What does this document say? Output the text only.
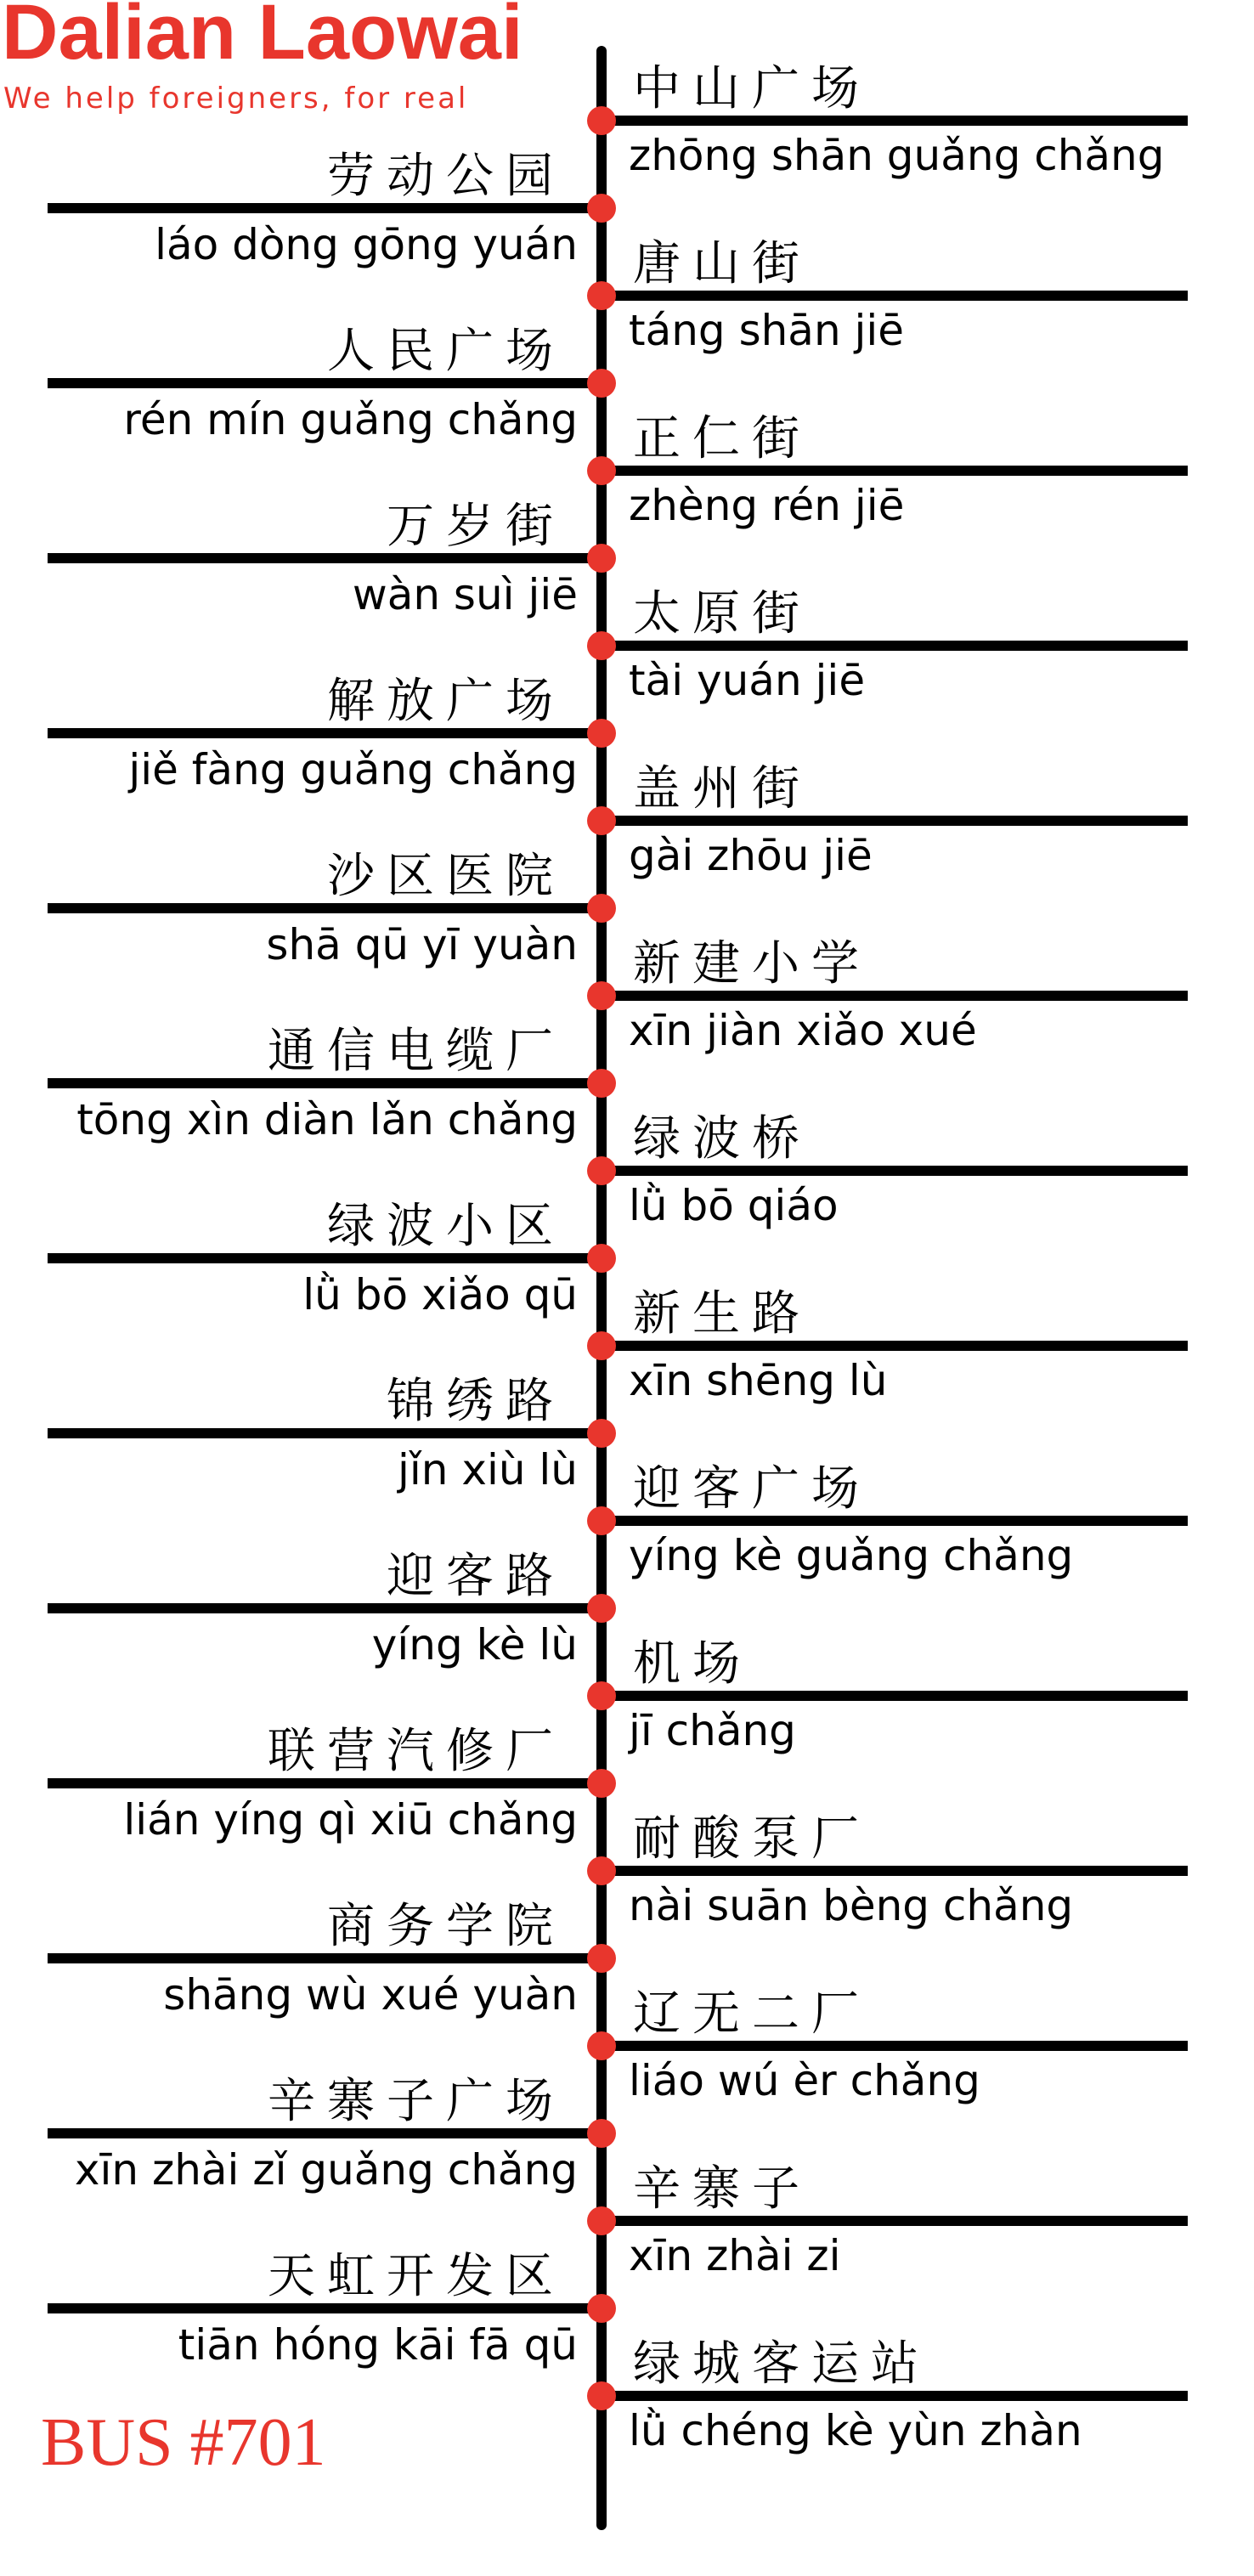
Dalian Laowai
We help foreigners, for real
BUS #701
中山广场
zhōng shān guǎng chǎng
劳动公园
láo dòng gōng yuán 唐山街
táng shān jiē
人民广场
rén mín guǎng chǎng 正仁街
zhèng rén jiē
万岁街
wàn suì jiē 太原街
tài yuán jiē
解放广场
jiě fàng guǎng chǎng 盖州街
gài zhōu jiē
沙区医院
shā qū yī yuàn 新建小学
xīn jiàn xiǎo xué
通信电缆厂
tōng xìn diàn lǎn chǎng 绿波桥
lǜ bō qiáo
绿波小区
lǜ bō xiǎo qū 新生路
xīn shēng lù
锦绣路
jǐn xiù lù 迎客广场
yíng kè guǎng chǎng
迎客路
yíng kè lù 机场
jī chǎng
联营汽修厂
lián yíng qì xiū chǎng 耐酸泵厂
nài suān bèng chǎng
商务学院
shāng wù xué yuàn 辽无二厂
liáo wú èr chǎng
辛寨子广场
xīn zhài zǐ guǎng chǎng 辛寨子
xīn zhài zi
天虹开发区
tiān hóng kāi fā qū 绿城客运站
lǜ chéng kè yùn zhàn
